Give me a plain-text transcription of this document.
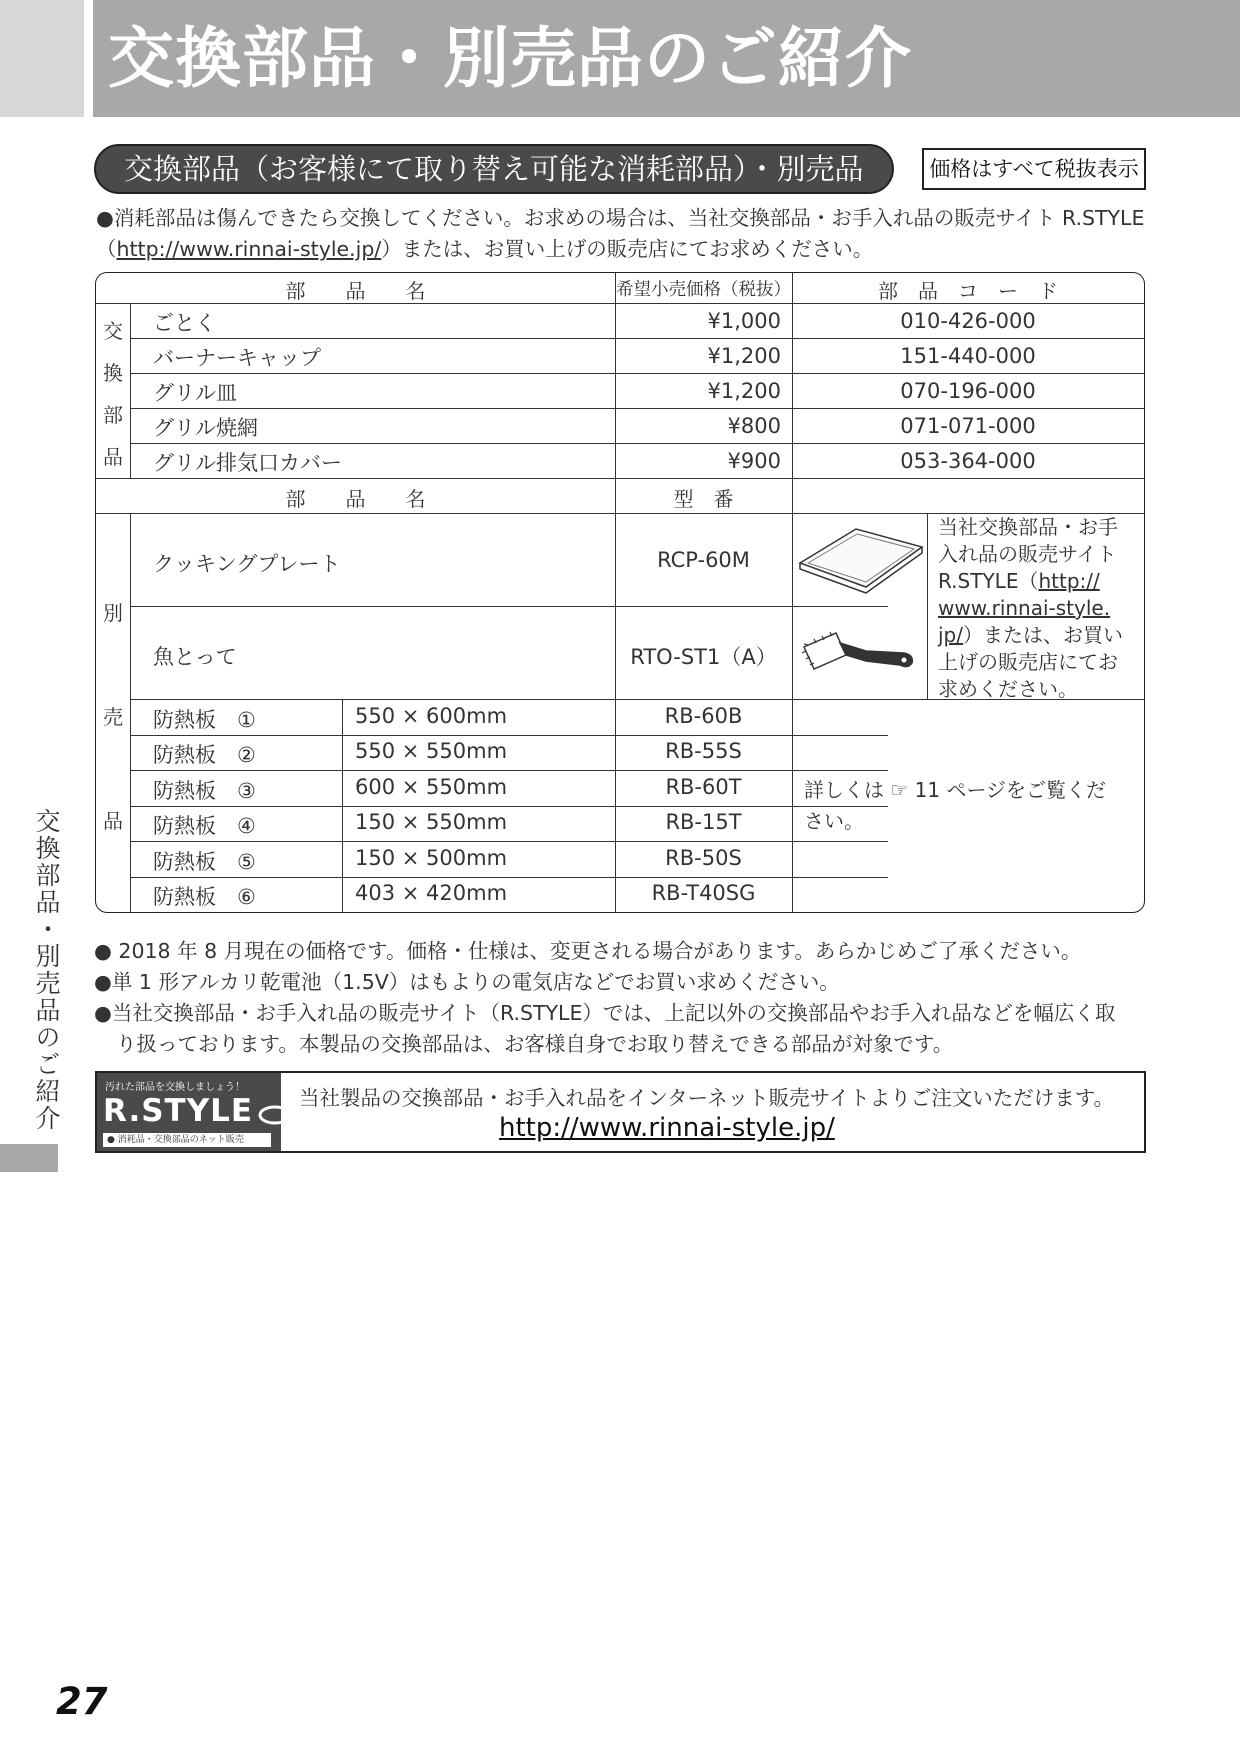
交換部品・別売品のご紹介
交換部品（お客様にて取り替え可能な消耗部品）・別売品	価格はすべて税抜表示
●消耗部品は傷んできたら交換してください。お求めの場合は、当社交換部品・お手入れ品の販売サイト R.STYLE
（http://www.rinnai-style.jp/）または、お買い上げの販売店にてお求めください。
部　　品　　名	希望小売価格（税抜）	部　品　コ　ー　ド
交
換
部
品
ごとく	¥1,000	010-426-000
バーナーキャップ	¥1,200	151-440-000
グリル皿	¥1,200	070-196-000
グリル焼網	¥800	071-071-000
グリル排気口カバー	¥900	053-364-000
部　　品　　名	型　番
別
売
品
クッキングプレート	RCP-60M
魚とって	RTO-ST1（A）
当社交換部品・お手
入れ品の販売サイト
R.STYLE（http://
www.rinnai-style.
jp/）または、お買い
上げの販売店にてお
求めください。
防熱板　 ①	550 × 600mm	RB-60B
防熱板　 ②	550 × 550mm	RB-55S
防熱板　 ③	600 × 550mm	RB-60T
防熱板　 ④	150 × 550mm	RB-15T
防熱板　 ⑤	150 × 500mm	RB-50S
防熱板　 ⑥	403 × 420mm	RB-T40SG
詳しくは ☞ 11 ページをご覧くだ
さい。
● 2018 年 8 月現在の価格です。価格・仕様は、変更される場合があります。あらかじめご了承ください。
●単 1 形アルカリ乾電池（1.5V）はもよりの電気店などでお買い求めください。
●当社交換部品・お手入れ品の販売サイト（R.STYLE）では、上記以外の交換部品やお手入れ品などを幅広く取
り扱っております。本製品の交換部品は、お客様自身でお取り替えできる部品が対象です。
汚れた部品を交換しましょう！
R.STYLE
● 消耗品・交換部品のネット販売
当社製品の交換部品・お手入れ品をインターネット販売サイトよりご注文いただけます。
http://www.rinnai-style.jp/
交換部品・別売品のご紹介
27
